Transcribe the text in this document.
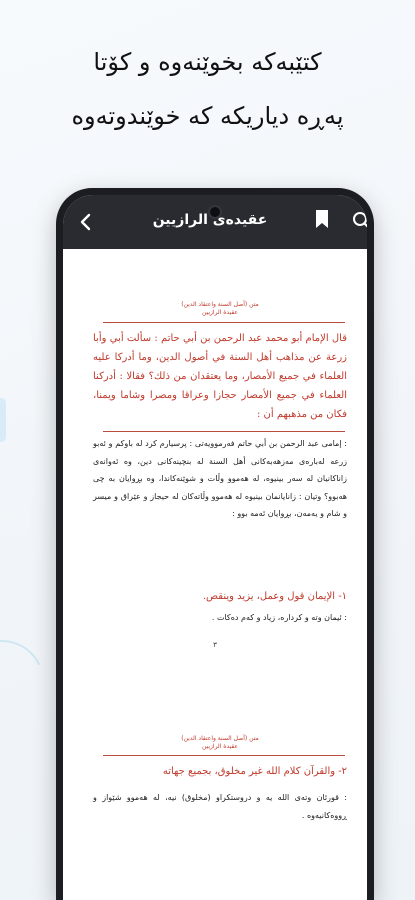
کتێبەکە بخوێنەوە و کۆتا
پەڕە دیاریکە کە خوێندوتەوە
عقيدەی الرازيين
متن (أصل السنة واعتقاد الدين)
عقيدة الرازيين
قال الإمام أبو محمد عبد الرحمن بن أبي حاتم : سألت أبي وأبا زرعة عن مذاهب أهل السنة في أصول الدين، وما أدركا عليه العلماء في جميع الأمصار، وما يعتقدان من ذلك؟ فقالا : أدركنا العلماء في جميع الأمصار حجازا وعراقا ومصرا وشاما ويمنا، فكان من مذهبهم أن :
: إمامی عبد الرحمن بن أبي حاتم فەرموویەتی : پرسیارم کرد لە باوکم و ئەبو زرعە لەبارەی مەزهەبەکانی أهل السنة لە بنچینەکانی دین، وە ئەوانەی زاناکانیان لە سەر بینیوە، لە هەموو وڵات و شوێنەکاندا، وە بڕوایان بە چی هەبوو؟ وتیان : زانایانمان بینیوە لە هەموو وڵاتەکان لە حیجاز و عێراق و میسر و شام و یەمەن، بڕوایان ئەمە بوو :
١- الإيمان قول وعمل، يزيد وينقص.
: ئیمان وتە و کردارە، زیاد و کەم دەکات .
٣
متن (أصل السنة واعتقاد الدين)
عقيدة الرازيين
٢- والقرآن كلام الله غير مخلوق، بجميع جهاته
: قورئان وتەی الله یە و دروستکراو (مخلوق) نیە، لە هەموو شێواز و ڕووەکانیەوە .
